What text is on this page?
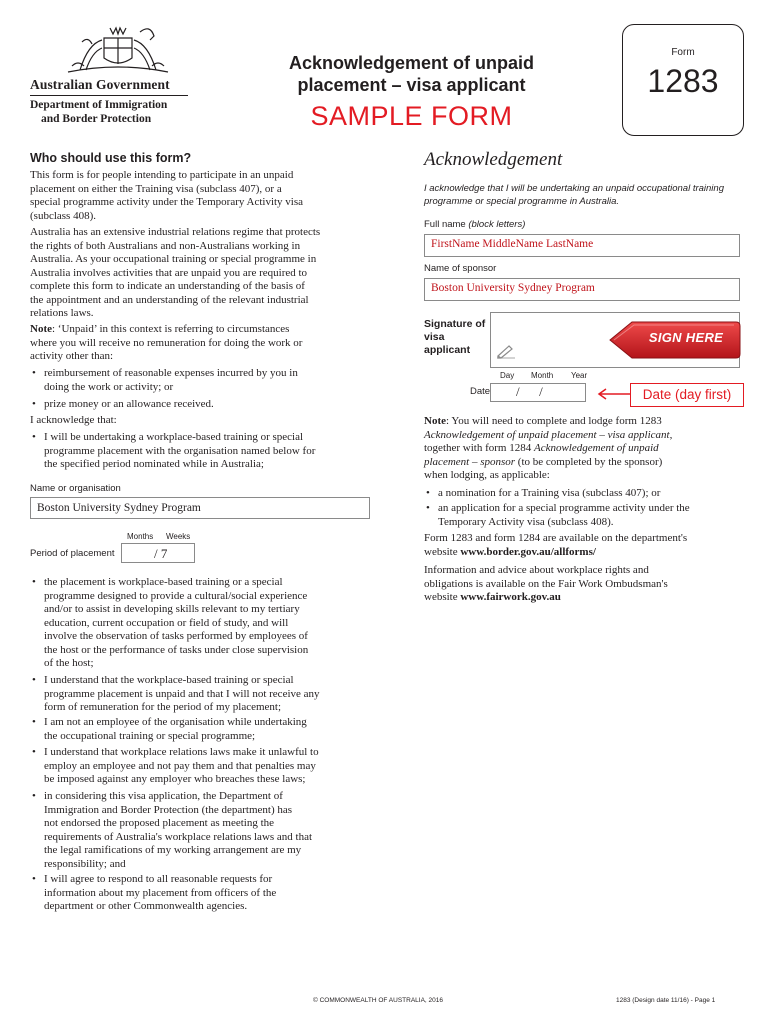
Australian Government
Department of Immigration
and Border Protection
Acknowledgement of unpaid
placement – visa applicant
SAMPLE FORM
Form
1283
Who should use this form?
This form is for people intending to participate in an unpaid
placement on either the Training visa (subclass 407), or a
special programme activity under the Temporary Activity visa
(subclass 408).
Australia has an extensive industrial relations regime that protects
the rights of both Australians and non-Australians working in
Australia. As your occupational training or special programme in
Australia involves activities that are unpaid you are required to
complete this form to indicate an understanding of the basis of
the appointment and an understanding of the relevant industrial
relations laws.
Note: ‘Unpaid’ in this context is referring to circumstances
where you will receive no remuneration for doing the work or
activity other than:
• reimbursement of reasonable expenses incurred by you in
doing the work or activity; or
• prize money or an allowance received.
I acknowledge that:
• I will be undertaking a workplace-based training or special
programme placement with the organisation named below for
the specified period nominated while in Australia;
Name or organisation
Boston University Sydney Program
Months Weeks
Period of placement	/ 7
• the placement is workplace-based training or a special
programme designed to provide a cultural/social experience
and/or to assist in developing skills relevant to my tertiary
education, current occupation or field of study, and will
involve the observation of tasks performed by employees of
the host or the performance of tasks under close supervision
of the host;
• I understand that the workplace-based training or special
programme placement is unpaid and that I will not receive any
form of remuneration for the period of my placement;
• I am not an employee of the organisation while undertaking
the occupational training or special programme;
• I understand that workplace relations laws make it unlawful to
employ an employee and not pay them and that penalties may
be imposed against any employer who breaches these laws;
• in considering this visa application, the Department of
Immigration and Border Protection (the department) has
not endorsed the proposed placement as meeting the
requirements of Australia's workplace relations laws and that
the legal ramifications of my working arrangement are my
responsibility; and
• I will agree to respond to all reasonable requests for
information about my placement from officers of the
department or other Commonwealth agencies.
Acknowledgement
I acknowledge that I will be undertaking an unpaid occupational training
programme or special programme in Australia.
Full name (block letters)
FirstName MiddleName LastName
Name of sponsor
Boston University Sydney Program
Signature of
visa
applicant
SIGN HERE
Day Month Year
Date	/      /	Date (day first)
Note: You will need to complete and lodge form 1283
Acknowledgement of unpaid placement – visa applicant,
together with form 1284 Acknowledgement of unpaid
placement – sponsor (to be completed by the sponsor)
when lodging, as applicable:
• a nomination for a Training visa (subclass 407); or
• an application for a special programme activity under the
Temporary Activity visa (subclass 408).
Form 1283 and form 1284 are available on the department's
website www.border.gov.au/allforms/
Information and advice about workplace rights and
obligations is available on the Fair Work Ombudsman's
website www.fairwork.gov.au
© COMMONWEALTH OF AUSTRALIA, 2016	1283 (Design date 11/16) - Page 1
